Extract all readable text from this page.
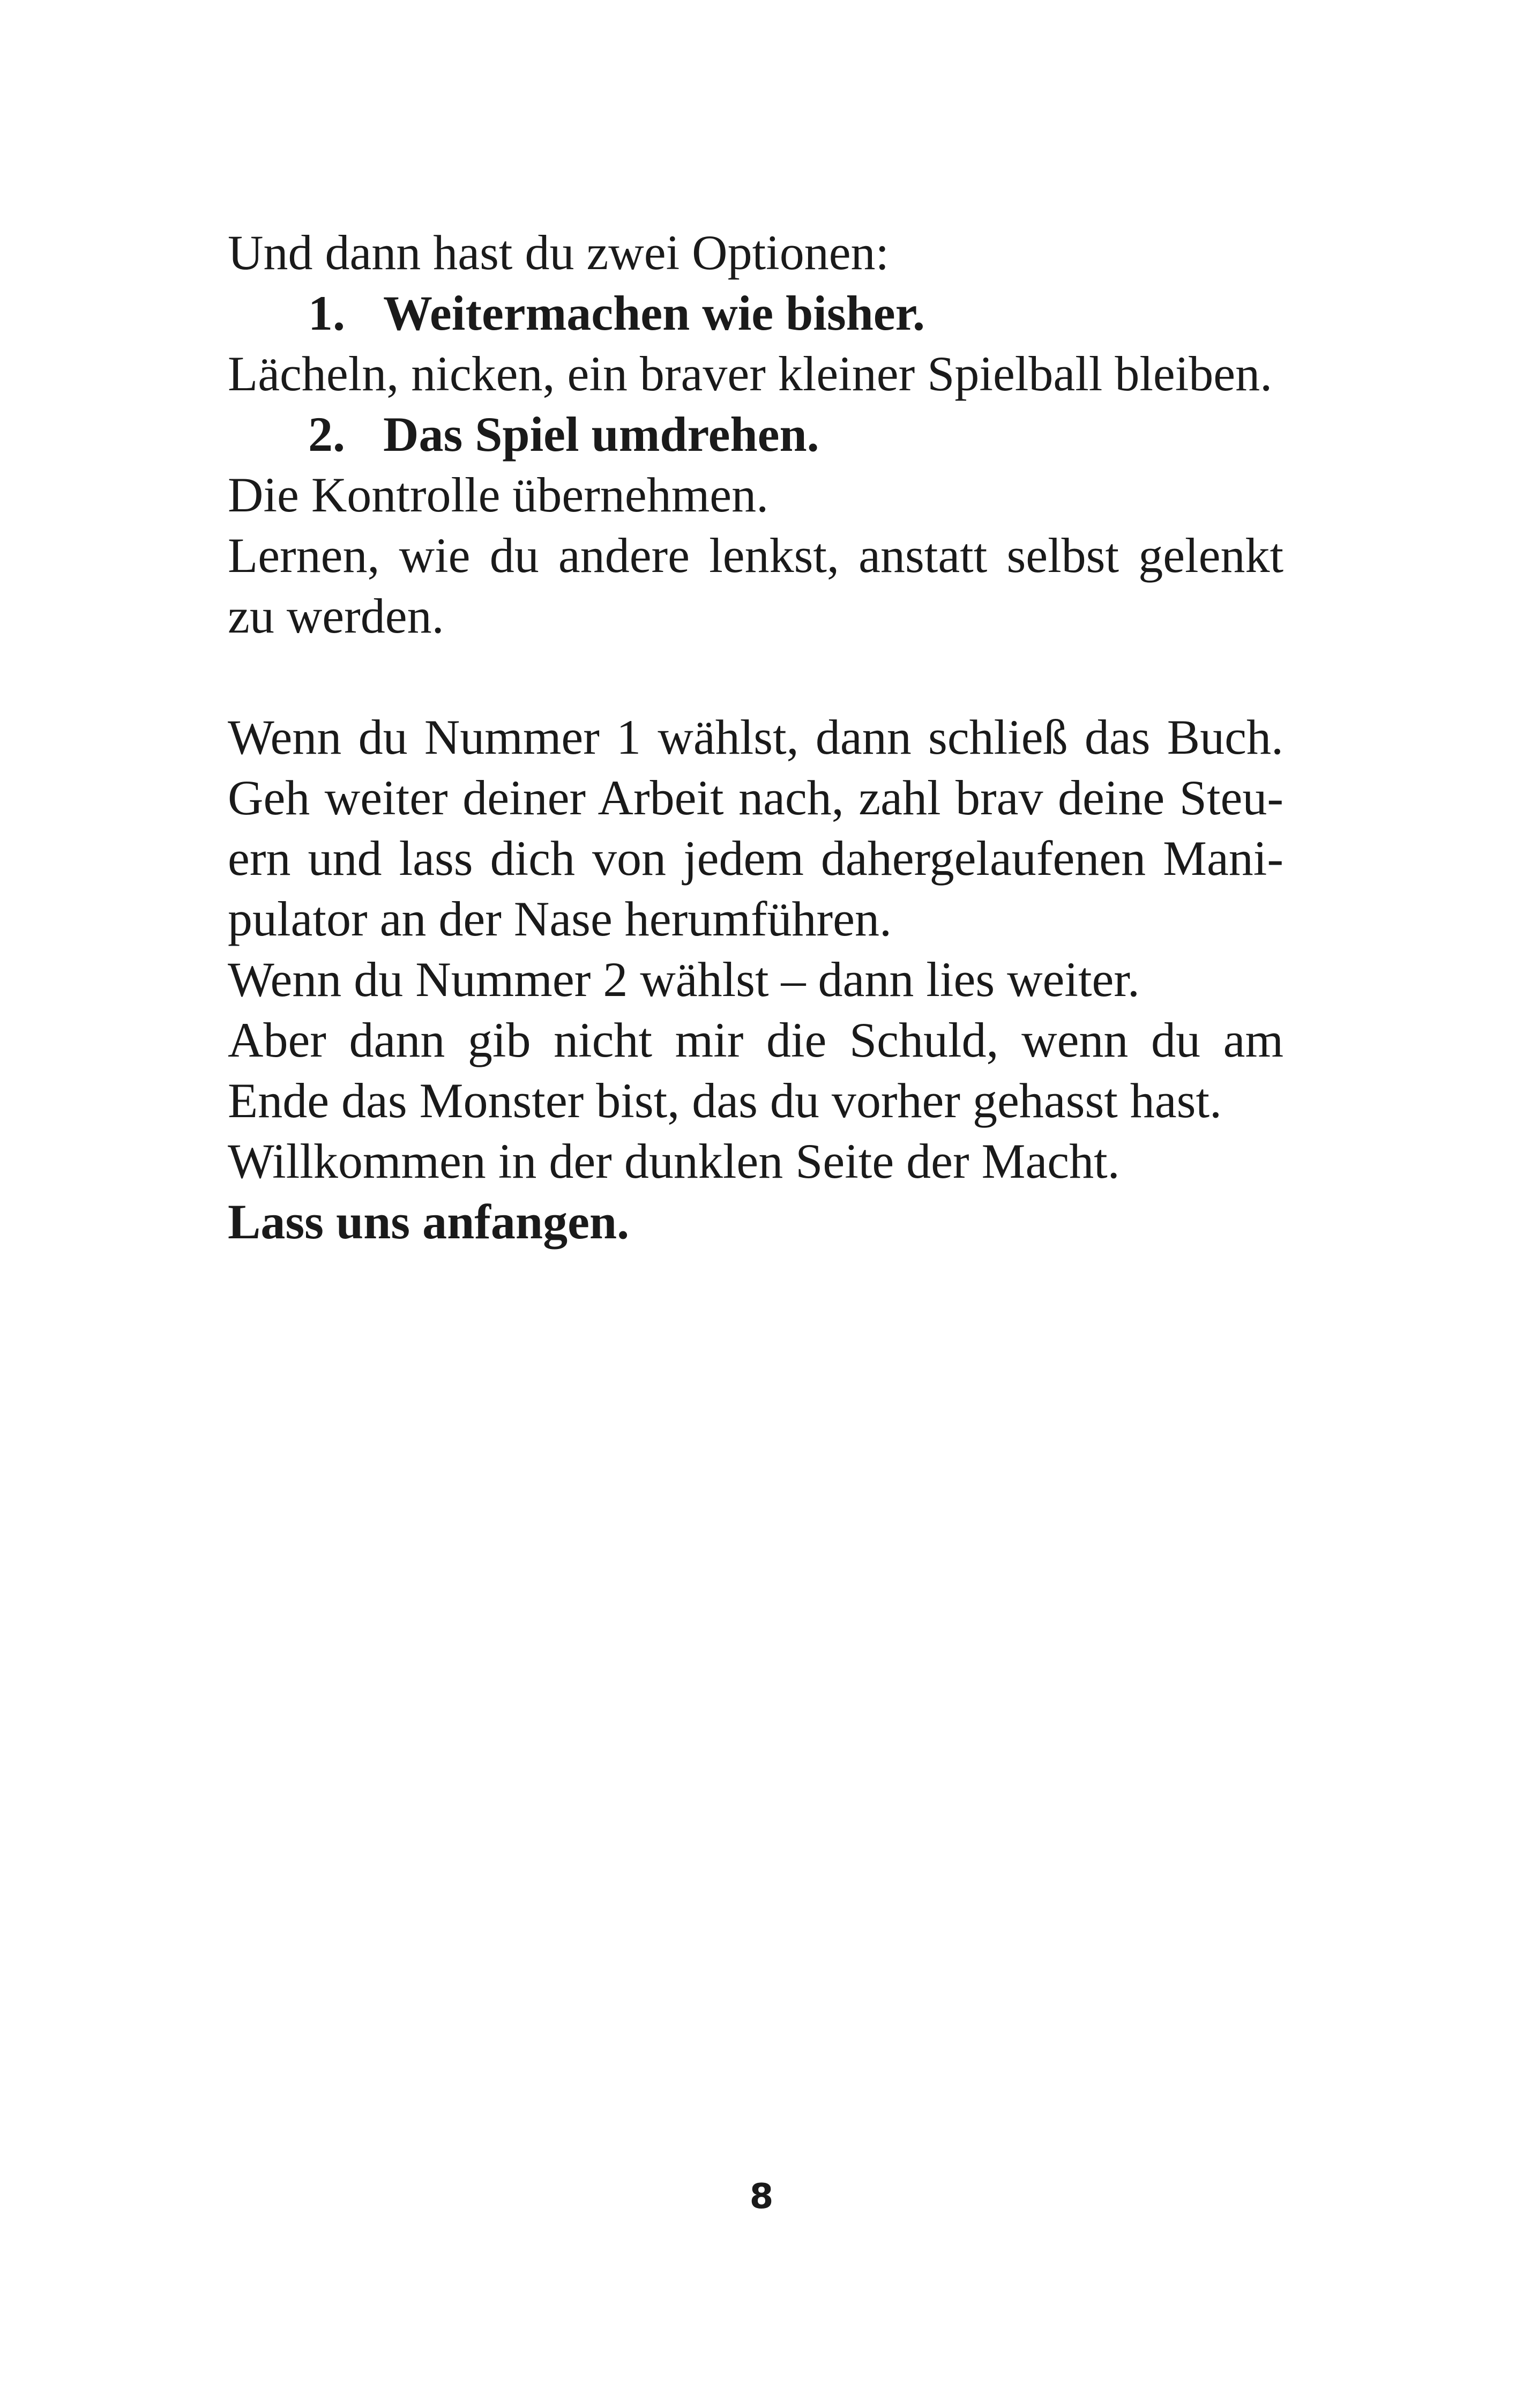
Und dann hast du zwei Optionen:
1. Weitermachen wie bisher.
Lächeln, nicken, ein braver kleiner Spielball bleiben.
2. Das Spiel umdrehen.
Die Kontrolle übernehmen.
Lernen, wie du andere lenkst, anstatt selbst gelenkt
zu werden.
Wenn du Nummer 1 wählst, dann schließ das Buch.
Geh weiter deiner Arbeit nach, zahl brav deine Steu-
ern und lass dich von jedem dahergelaufenen Mani-
pulator an der Nase herumführen.
Wenn du Nummer 2 wählst – dann lies weiter.
Aber dann gib nicht mir die Schuld, wenn du am
Ende das Monster bist, das du vorher gehasst hast.
Willkommen in der dunklen Seite der Macht.
Lass uns anfangen.
8
